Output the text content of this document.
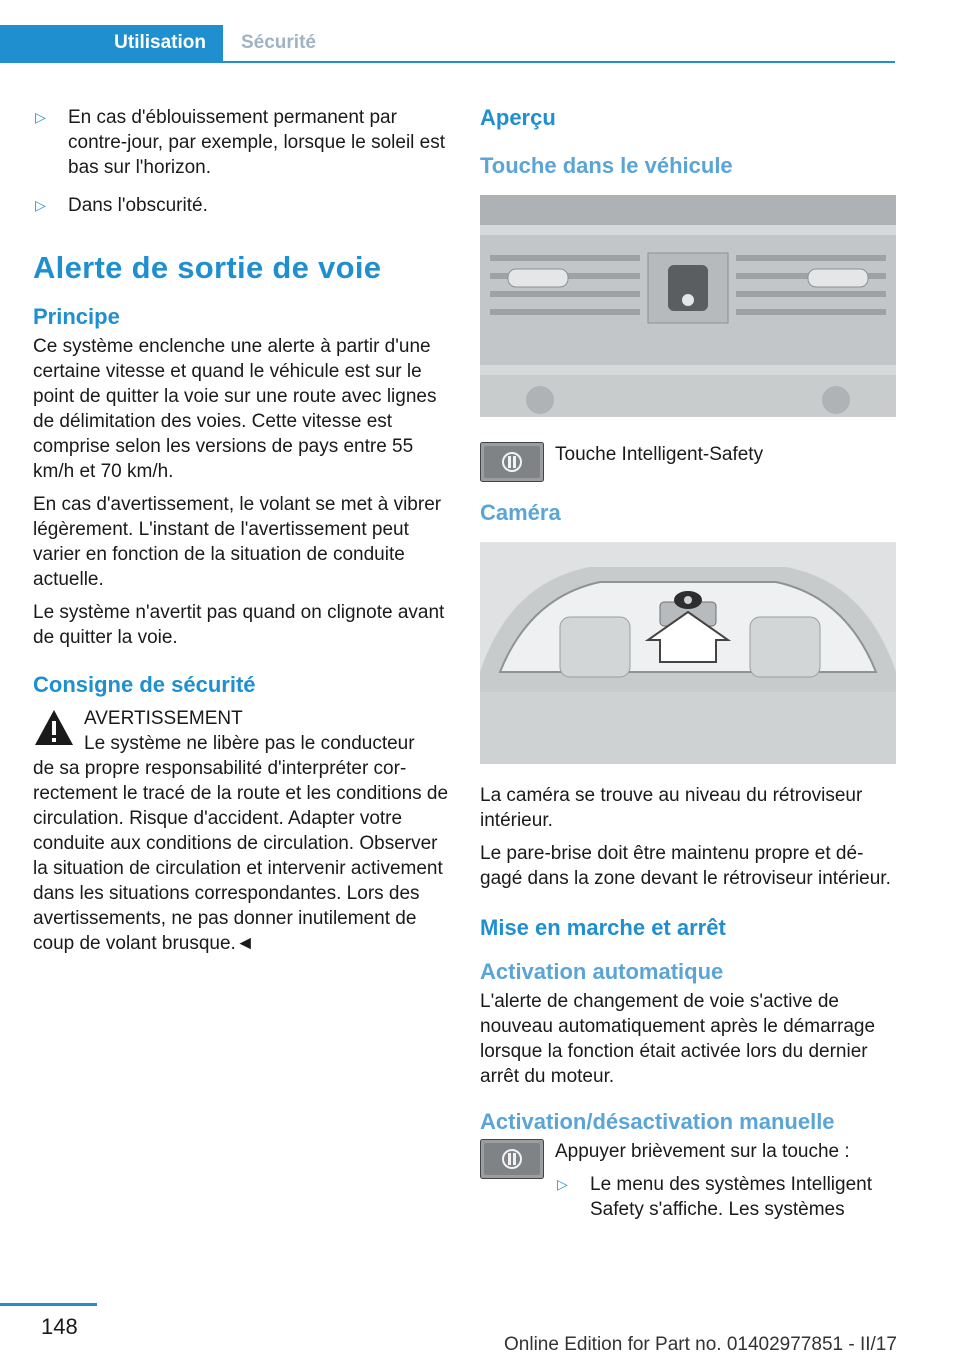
Utilisation	Sécurité
▷	En cas d'éblouissement permanent par contre-jour, par exemple, lorsque le soleil est bas sur l'horizon.
▷	Dans l'obscurité.
Alerte de sortie de voie
Principe

Ce système enclenche une alerte à partir d'une certaine vitesse et quand le véhicule est sur le point de quitter la voie sur une route avec lignes de délimitation des voies. Cette vitesse est comprise selon les versions de pays entre 55 km/h et 70 km/h.

En cas d'avertissement, le volant se met à vibrer légèrement. L'instant de l'avertissement peut varier en fonction de la situation de conduite actuelle.

Le système n'avertit pas quand on clignote avant de quitter la voie.

Consigne de sécurité
AVERTISSEMENT
Le système ne libère pas le conducteur

de sa propre responsabilité d'interpréter correctement le tracé de la route et les conditions de circulation. Risque d'accident. Adapter votre conduite aux conditions de circulation. Observer la situation de circulation et intervenir activement dans les situations correspondantes. Lors des avertissements, ne pas donner inutilement de coup de volant brusque.◄

Aperçu
Touche dans le véhicule
Touche Intelligent-Safety
Caméra

La caméra se trouve au niveau du rétroviseur intérieur.

Le pare-brise doit être maintenu propre et dégagé dans la zone devant le rétroviseur intérieur.

Mise en marche et arrêt
Activation automatique

L'alerte de changement de voie s'active de nouveau automatiquement après le démarrage lorsque la fonction était activée lors du dernier arrêt du moteur.

Activation/désactivation manuelle
Appuyer brièvement sur la touche :
▷	Le menu des systèmes Intelligent Safety s'affiche. Les systèmes
148
Online Edition for Part no. 01402977851 - II/17
